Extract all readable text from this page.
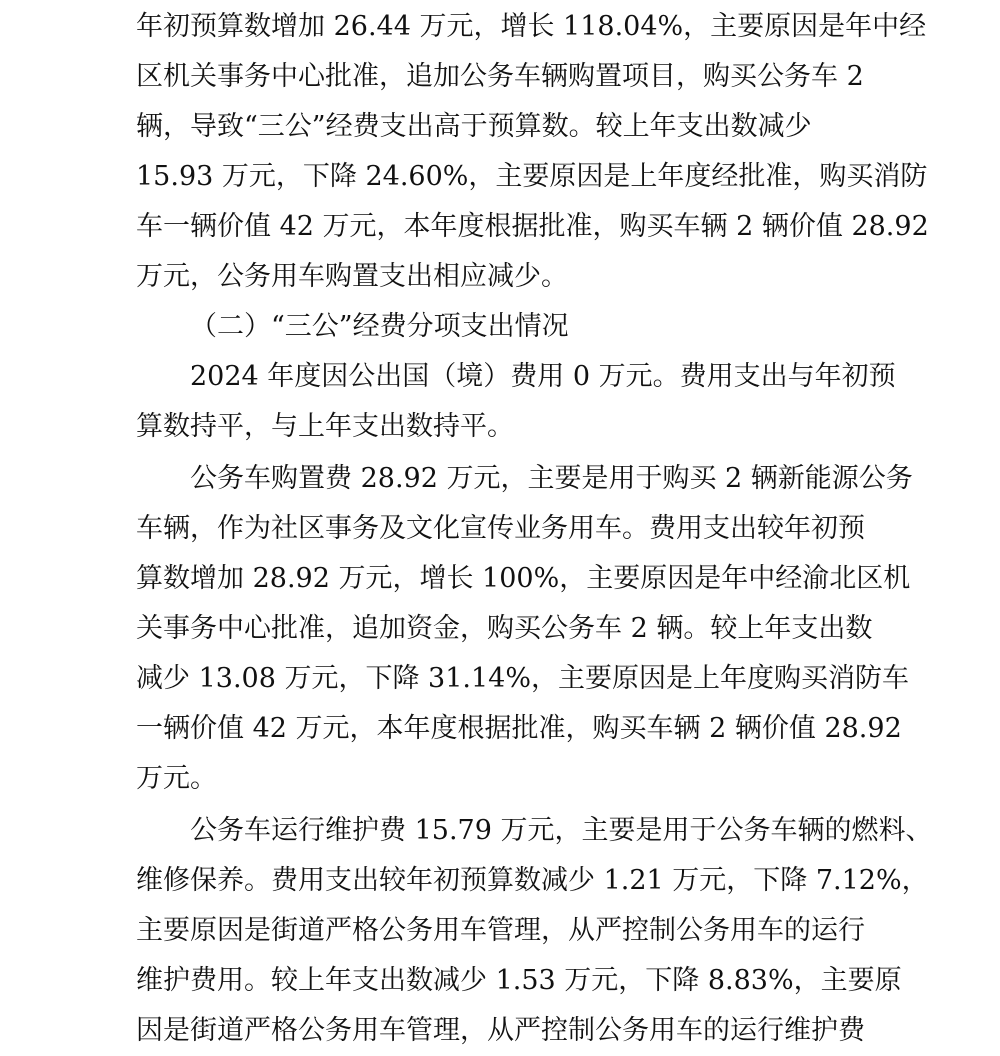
年初预算数增加 26.44 万元，增长 118.04%，主要原因是年中经
区机关事务中心批准，追加公务车辆购置项目，购买公务车 2
辆，导致“三公”经费支出高于预算数。较上年支出数减少
15.93 万元，下降 24.60%，主要原因是上年度经批准，购买消防
车一辆价值 42 万元，本年度根据批准，购买车辆 2 辆价值 28.92
万元，公务用车购置支出相应减少。
（二）“三公”经费分项支出情况
2024 年度因公出国（境）费用 0 万元。费用支出与年初预
算数持平，与上年支出数持平。
公务车购置费 28.92 万元，主要是用于购买 2 辆新能源公务
车辆，作为社区事务及文化宣传业务用车。费用支出较年初预
算数增加 28.92 万元，增长 100%，主要原因是年中经渝北区机
关事务中心批准，追加资金，购买公务车 2 辆。较上年支出数
减少 13.08 万元，下降 31.14%，主要原因是上年度购买消防车
一辆价值 42 万元，本年度根据批准，购买车辆 2 辆价值 28.92
万元。
公务车运行维护费 15.79 万元，主要是用于公务车辆的燃料、
维修保养。费用支出较年初预算数减少 1.21 万元，下降 7.12%，
主要原因是街道严格公务用车管理，从严控制公务用车的运行
维护费用。较上年支出数减少 1.53 万元，下降 8.83%，主要原
因是街道严格公务用车管理，从严控制公务用车的运行维护费
